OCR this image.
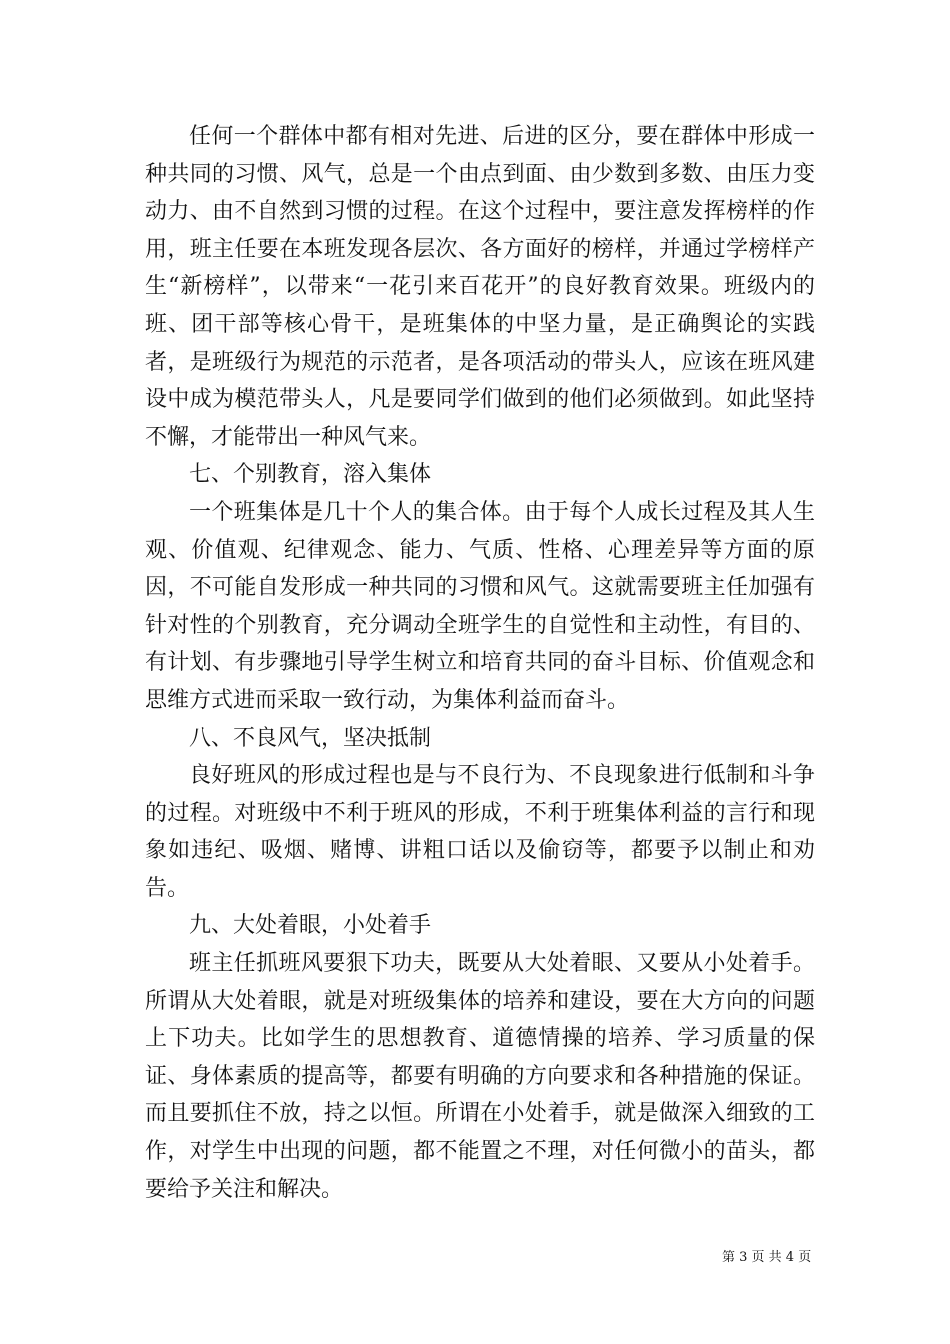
任何一个群体中都有相对先进、后进的区分，要在群体中形成一种共同的习惯、风气，总是一个由点到面、由少数到多数、由压力变动力、由不自然到习惯的过程。在这个过程中，要注意发挥榜样的作用，班主任要在本班发现各层次、各方面好的榜样，并通过学榜样产生“新榜样”，以带来“一花引来百花开”的良好教育效果。班级内的班、团干部等核心骨干，是班集体的中坚力量，是正确舆论的实践者，是班级行为规范的示范者，是各项活动的带头人，应该在班风建设中成为模范带头人，凡是要同学们做到的他们必须做到。如此坚持不懈，才能带出一种风气来。

七、个别教育，溶入集体

一个班集体是几十个人的集合体。由于每个人成长过程及其人生观、价值观、纪律观念、能力、气质、性格、心理差异等方面的原因，不可能自发形成一种共同的习惯和风气。这就需要班主任加强有针对性的个别教育，充分调动全班学生的自觉性和主动性，有目的、有计划、有步骤地引导学生树立和培育共同的奋斗目标、价值观念和思维方式进而采取一致行动，为集体利益而奋斗。

八、不良风气，坚决抵制

良好班风的形成过程也是与不良行为、不良现象进行低制和斗争的过程。对班级中不利于班风的形成，不利于班集体利益的言行和现象如违纪、吸烟、赌博、讲粗口话以及偷窃等，都要予以制止和劝告。

九、大处着眼，小处着手

班主任抓班风要狠下功夫，既要从大处着眼、又要从小处着手。所谓从大处着眼，就是对班级集体的培养和建设，要在大方向的问题上下功夫。比如学生的思想教育、道德情操的培养、学习质量的保证、身体素质的提高等，都要有明确的方向要求和各种措施的保证。而且要抓住不放，持之以恒。所谓在小处着手，就是做深入细致的工作，对学生中出现的问题，都不能置之不理，对任何微小的苗头，都要给予关注和解决。

第 3 页 共 4 页
